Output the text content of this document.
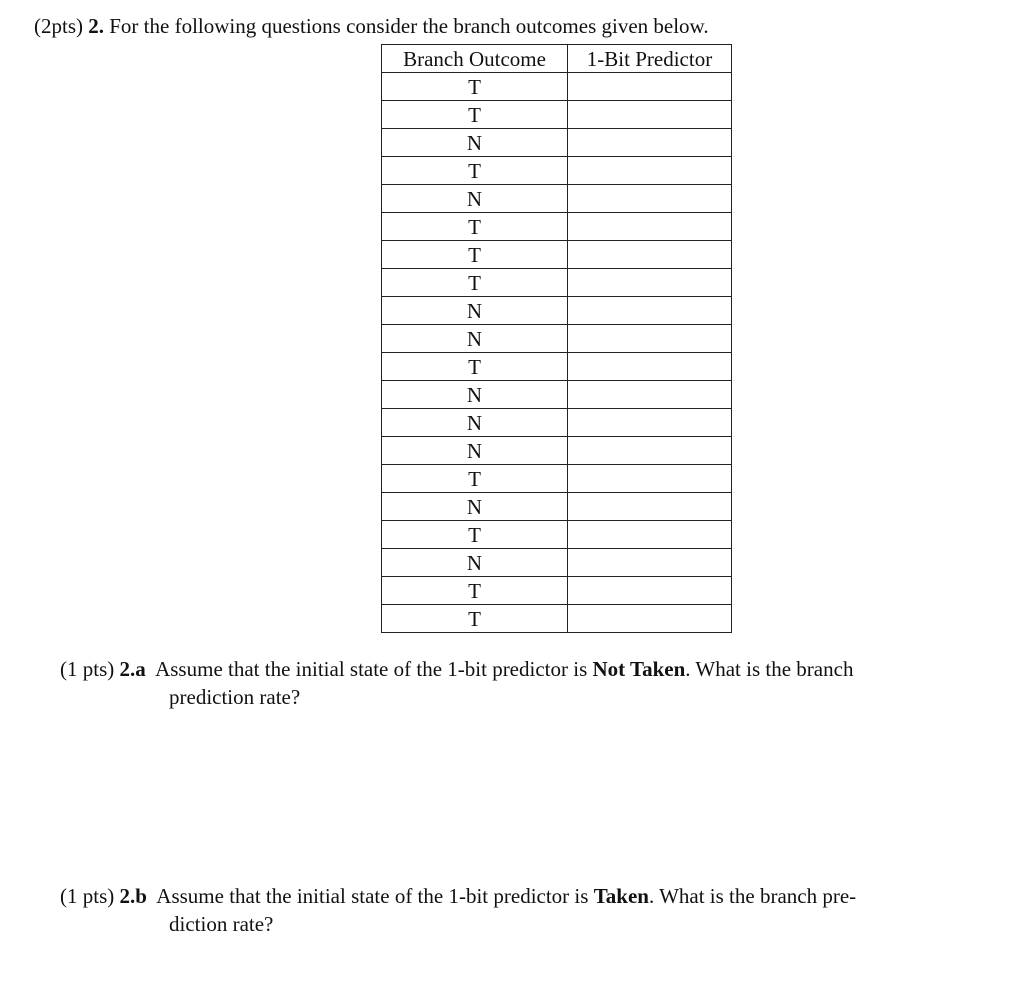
(2pts) 2. For the following questions consider the branch outcomes given below.
Branch Outcome	1-Bit Predictor
T	
T	
N	
T	
N	
T	
T	
T	
N	
N	
T	
N	
N	
N	
T	
N	
T	
N	
T	
T	
(1 pts) 2.a Assume that the initial state of the 1-bit predictor is Not Taken. What is the branch
prediction rate?
(1 pts) 2.b Assume that the initial state of the 1-bit predictor is Taken. What is the branch pre-
diction rate?
